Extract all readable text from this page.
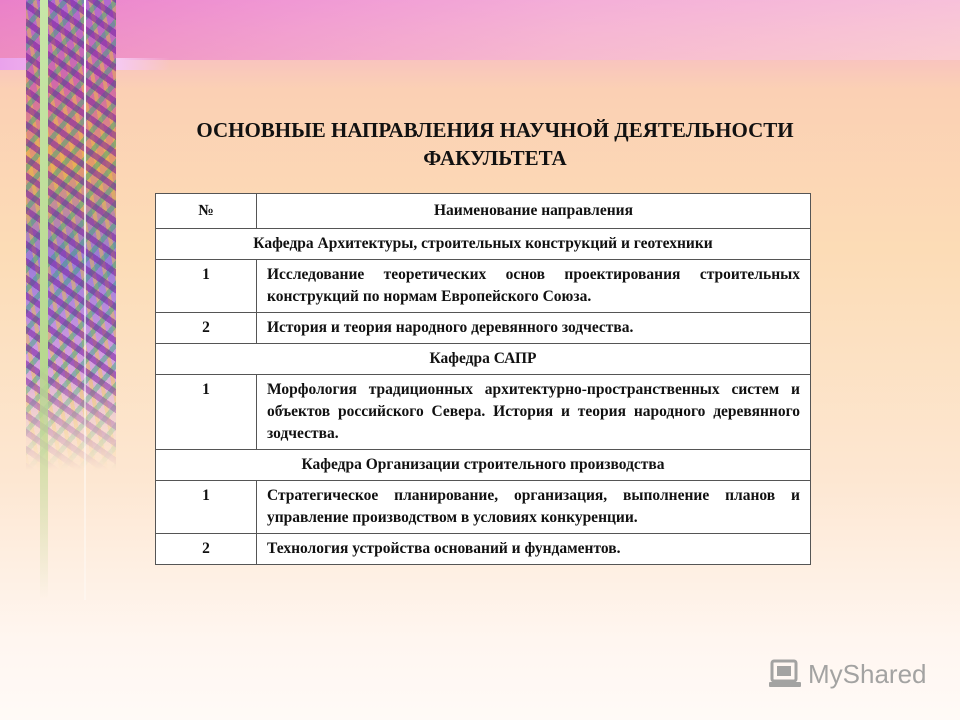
ОСНОВНЫЕ НАПРАВЛЕНИЯ НАУЧНОЙ ДЕЯТЕЛЬНОСТИ
ФАКУЛЬТЕТА
№	Наименование направления
Кафедра Архитектуры, строительных конструкций и геотехники	
1	Исследование теоретических основ проектирования строительных конструкций по нормам Европейского Союза.
2	История и теория народного деревянного зодчества.
Кафедра САПР	
1	Морфология традиционных архитектурно-пространственных систем и объектов российского Севера. История и теория народного деревянного зодчества.
Кафедра Организации строительного производства	
1	Стратегическое планирование, организация, выполнение планов и управление производством в условиях конкуренции.
2	Технология устройства оснований и фундаментов.
MyShared
